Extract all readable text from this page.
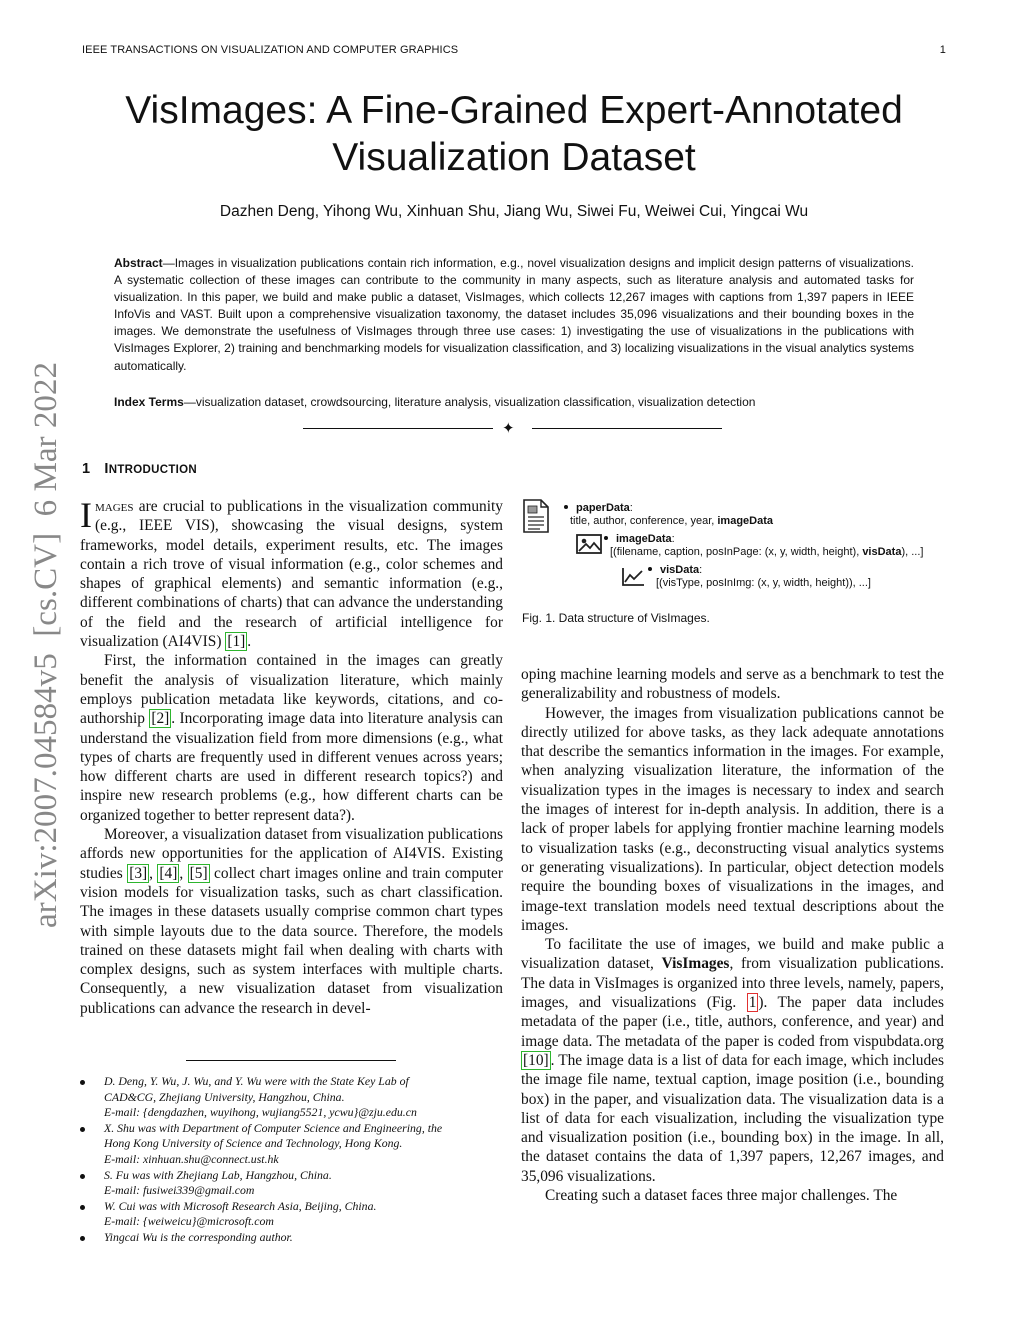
IEEE TRANSACTIONS ON VISUALIZATION AND COMPUTER GRAPHICS	1
arXiv:2007.04584v5  [cs.CV]  6 Mar 2022
VisImages: A Fine-Grained Expert-Annotated
Visualization Dataset
Dazhen Deng, Yihong Wu, Xinhuan Shu, Jiang Wu, Siwei Fu, Weiwei Cui, Yingcai Wu
Abstract—Images in visualization publications contain rich information, e.g., novel visualization designs and implicit design patterns of visualizations. A systematic collection of these images can contribute to the community in many aspects, such as literature analysis and automated tasks for visualization. In this paper, we build and make public a dataset, VisImages, which collects 12,267 images with captions from 1,397 papers in IEEE InfoVis and VAST. Built upon a comprehensive visualization taxonomy, the dataset includes 35,096 visualizations and their bounding boxes in the images. We demonstrate the usefulness of VisImages through three use cases: 1) investigating the use of visualizations in the publications with VisImages Explorer, 2) training and benchmarking models for visualization classification, and 3) localizing visualizations in the visual analytics systems automatically.
Index Terms—visualization dataset, crowdsourcing, literature analysis, visualization classification, visualization detection
✦
1 INTRODUCTION

Images are crucial to publications in the visualization community (e.g., IEEE VIS), showcasing the visual designs, system frameworks, model details, experiment results, etc. The images contain a rich trove of visual information (e.g., color schemes and shapes of graphical elements) and semantic information (e.g., different combinations of charts) that can advance the understanding of the field and the research of artificial intelligence for visualization (AI4VIS) [1] .

First, the information contained in the images can greatly benefit the analysis of visualization literature, which mainly employs publication metadata like keywords, citations, and co-authorship [2] . Incorporating image data into literature analysis can understand the visualization field from more dimensions (e.g., what types of charts are frequently used in different venues across years; how different charts are used in different research topics?) and inspire new research problems (e.g., how different charts can be organized together to better represent data?).

Moreover, a visualization dataset from visualization publications affords new opportunities for the application of AI4VIS. Existing studies [3] , [4] , [5] collect chart images online and train computer vision models for visualization tasks, such as chart classification. The images in these datasets usually comprise common chart types with simple layouts due to the data source. Therefore, the models trained on these datasets might fail when dealing with charts with complex designs, such as system interfaces with multiple charts. Consequently, a new visualization dataset from visualization publications can advance the research in devel-

D. Deng, Y. Wu, J. Wu, and Y. Wu were with the State Key Lab of
CAD&CG, Zhejiang University, Hangzhou, China.
E-mail: {dengdazhen, wuyihong, wujiang5521, ycwu}@zju.edu.cn
X. Shu was with Department of Computer Science and Engineering, the
Hong Kong University of Science and Technology, Hong Kong.
E-mail: xinhuan.shu@connect.ust.hk
S. Fu was with Zhejiang Lab, Hangzhou, China.
E-mail: fusiwei339@gmail.com
W. Cui was with Microsoft Research Asia, Beijing, China.
E-mail: {weiweicu}@microsoft.com
Yingcai Wu is the corresponding author.
paperData:
title, author, conference, year, imageData
imageData:
[(filename, caption, posInPage: (x, y, width, height), visData), ...]
visData:
[(visType, posInImg: (x, y, width, height)), ...]
Fig. 1. Data structure of VisImages.

oping machine learning models and serve as a benchmark to test the generalizability and robustness of models.

However, the images from visualization publications cannot be directly utilized for above tasks, as they lack adequate annotations that describe the semantics information in the images. For example, when analyzing visualization literature, the information of the visualization types in the images is necessary to index and search the images of interest for in-depth analysis. In addition, there is a lack of proper labels for applying frontier machine learning models to visualization tasks (e.g., deconstructing visual analytics systems or generating visualizations). In particular, object detection models require the bounding boxes of visualizations in the images, and image-text translation models need textual descriptions about the images.

To facilitate the use of images, we build and make public a visualization dataset, VisImages, from visualization publications. The data in VisImages is organized into three levels, namely, papers, images, and visualizations (Fig. 1 ). The paper data includes metadata of the paper (i.e., title, authors, conference, and year) and image data. The metadata of the paper is coded from vispubdata.org [10] . The image data is a list of data for each image, which includes the image file name, textual caption, image position (i.e., bounding box) in the paper, and visualization data. The visualization data is a list of data for each visualization, including the visualization type and visualization position (i.e., bounding box) in the image. In all, the dataset contains the data of 1,397 papers, 12,267 images, and 35,096 visualizations.

Creating such a dataset faces three major challenges. The
